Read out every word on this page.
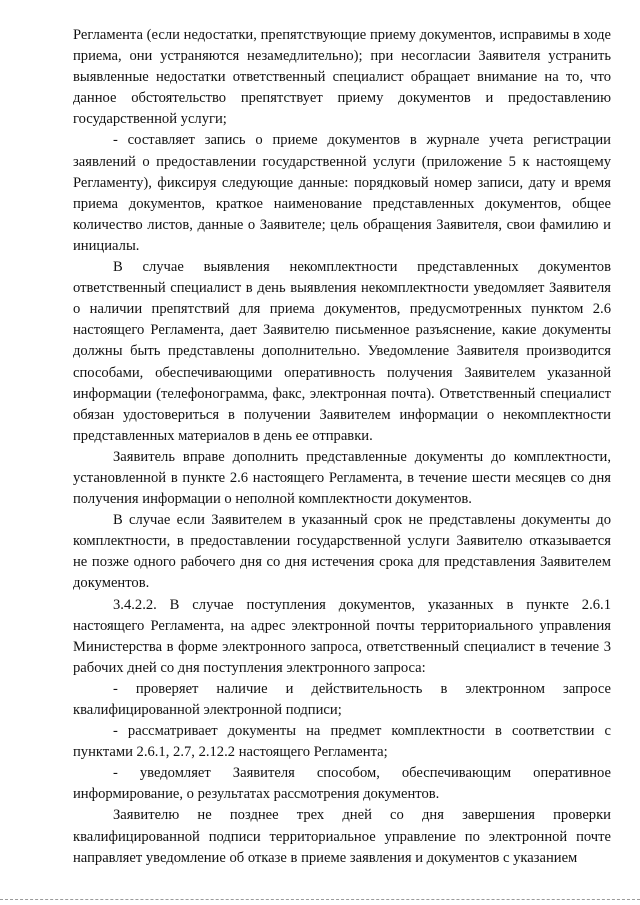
Регламента (если недостатки, препятствующие приему документов, исправимы в ходе приема, они устраняются незамедлительно); при несогласии Заявителя устранить выявленные недостатки ответственный специалист обращает внимание на то, что данное обстоятельство препятствует приему документов и предоставлению государственной услуги;

- составляет запись о приеме документов в журнале учета регистрации заявлений о предоставлении государственной услуги (приложение 5 к настоящему Регламенту), фиксируя следующие данные: порядковый номер записи, дату и время приема документов, краткое наименование представленных документов, общее количество листов, данные о Заявителе; цель обращения Заявителя, свои фамилию и инициалы.

В случае выявления некомплектности представленных документов ответственный специалист в день выявления некомплектности уведомляет Заявителя о наличии препятствий для приема документов, предусмотренных пунктом 2.6 настоящего Регламента, дает Заявителю письменное разъяснение, какие документы должны быть представлены дополнительно. Уведомление Заявителя производится способами, обеспечивающими оперативность получения Заявителем указанной информации (телефонограмма, факс, электронная почта). Ответственный специалист обязан удостовериться в получении Заявителем информации о некомплектности представленных материалов в день ее отправки.

Заявитель вправе дополнить представленные документы до комплектности, установленной в пункте 2.6 настоящего Регламента, в течение шести месяцев со дня получения информации о неполной комплектности документов.

В случае если Заявителем в указанный срок не представлены документы до комплектности, в предоставлении государственной услуги Заявителю отказывается не позже одного рабочего дня со дня истечения срока для представления Заявителем документов.

3.4.2.2. В случае поступления документов, указанных в пункте 2.6.1 настоящего Регламента, на адрес электронной почты территориального управления Министерства в форме электронного запроса, ответственный специалист в течение 3 рабочих дней со дня поступления электронного запроса:

- проверяет наличие и действительность в электронном запросе квалифицированной электронной подписи;

- рассматривает документы на предмет комплектности в соответствии с пунктами 2.6.1, 2.7, 2.12.2 настоящего Регламента;

- уведомляет Заявителя способом, обеспечивающим оперативное информирование, о результатах рассмотрения документов.

Заявителю не позднее трех дней со дня завершения проверки квалифицированной подписи территориальное управление по электронной почте направляет уведомление об отказе в приеме заявления и документов с указанием
